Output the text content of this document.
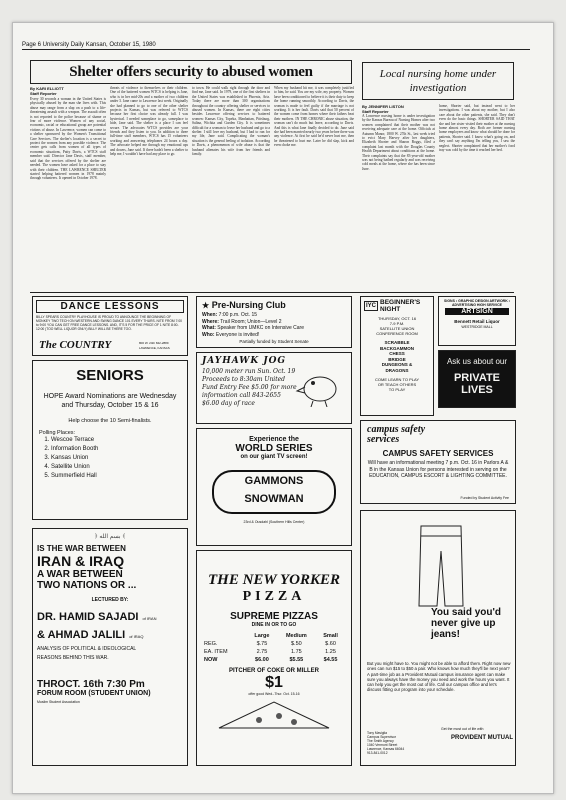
Page 6 University Daily Kansan, October 15, 1980
Shelter offers security to abused women
By KARI ELLIOTT
Staff Reporter
Every 30 seconds a woman in the United States is physically abused by the man she lives with. This abuse may range from a slap on a push to a life-threatening assault with a weapon. The assault often is not reported to the police because of shame or fear of more violence. Women of any social, economic, racial or educational group are potential victims of abuse. In Lawrence, women can come to a shelter sponsored by the Women's Transitional Care Services. The shelter's location is a secret to protect the women from any possible violence. The center gets calls from women of all types of economic situations, Patty Davis, a WTCS staff member said. Director Jane Davis, staff member, said that the services offered by the shelter are needed. The women have asked for a place to stay with their children. THE LAWRENCE SHELTER started helping battered women in 1978 mainly through volunteers. It opened in October 1978.
threats of violence to themselves or their children. One of the battered women WTCS is helping is Jane, who is in her mid-20s and a mother of two children under 3. Jane came to Lawrence last week. Originally she had planned to go to one of the other shelter projects in Kansas, but was referred to WTCS because her first choice was already full. I was hysterical. I needed someplace to go, someplace to hide, Jane said. The shelter is a place I can feel secure. The advocates WTCS provides are your friends and they listen to you. In addition to three full-time staff members, WTCS has 15 volunteers working and answering telephones 24 hours a day. The advocate helped me through my emotional ups and downs, Jane said. If there hadn't been a shelter to help me, I wouldn't have had any place to go.
to town. He could walk right through the door and find me, Jane said. In 1979, one of the first shelters in the United States was established in Phoenix, Ariz. Today there are more than 300 organizations throughout the country offering shelter or services to abused women. In Kansas, there are eight cities besides Lawrence offering services to battered women: Kansas City, Topeka, Manhattan, Pittsburg, Salina, Wichita and Garden City. It is sometimes difficult for a woman to leave her husband and go to a shelter. I still love my husband, but I had to run for my life, Jane said. Complicating the woman's situation is the general feeling of isolation. According to Davis, a phenomenon of wife abuse is that the husband alienates his wife from her friends and family.
When my husband hit me, it was completely justified to him, he said. You are my wife, my property. Women have been conditioned to believe it is their duty to keep the home running smoothly. According to Davis, the woman is made to feel guilty if the marriage is not working. It is her fault. Davis said that 50 percent of the women come from homes where their fathers beat their mothers. IN THE CHRONIC abuse situation, the woman can't do much but leave, according to Davis. And this is what Jane finally decided to do. Jane said she had been married nearly two years before there was any violence. At first he said he'd never hurt me, then he threatened to hurt me. Later he did slap, kick and even choke me.
Local nursing home under investigation
By JENNIFER LISTON
Staff Reporter
A Lawrence nursing home is under investigation by the Kansas Bureau of Nursing Homes after two women complained that their mother was not receiving adequate care at the home. Officials at Autumn Manor, 1800 W. 27th St., last week tried to evict Mary Harvey after her daughters, Elizabeth Shorter and Sharon Boggs, filed a complaint last month with the Douglas County Health Department about conditions at the home. Their complaints say that the 83-year-old mother was not being bathed regularly and was receiving cold meals at the home, where she has been since June.
home, Shorter said, but instead went to her investigations. I was about my mother, but I also care about the other patients, she said. They don't even do the basic things. SHORTER SAID THAT she and her sister visited their mother at the nursing home almost every day. Both are former nursing home employees and know what should be done for patients, Shorter said. I know what's going on, and they can't say anything I'm telling you, I saw the neglect. Shorter complained that her mother's food tray was cold by the time it reached her bed.
DANCE LESSONS
BILLY SPEARS COUNTRY PLAYHOUSE IS PROUD TO ANNOUNCE THE BEGINNING OF MONKEY TWO TECH ON WESTERN AND SWING DANCE 101 EVERY THURS. NITE FROM 7:00 to 9:00 YOU CAN GET FREE DANCE LESSONS. AND, IT'S 5 FOR THE PRICE OF 1 NITE 8:00-12:00 (TOO WELL LIQUOR ONLY) BILLY WILL BE THERE TOO.
The COUNTRY	800 W. 24th 842-2889 LAWRENCE, KANSAS
SENIORS
HOPE Award Nominations are Wednesday and Thursday, October 15 & 16
Help choose the 10 Semi-finalists.
Polling Places:
1. Wescoe Terrace
2. Information Booth
3. Kansas Union
4. Satellite Union
5. Summerfield Hall
﴿ بسم الله ﴾
IS THE WAR BETWEEN
IRAN & IRAQ
A WAR BETWEEN
TWO NATIONS OR ...
LECTURED BY:
DR. HAMID SAJADI of IRAN
& AHMAD JALILI of IRAQ
ANALYSIS OF POLITICAL & IDEOLOGICAL
REASONS BEHIND THIS WAR.
THROCT. 16th 7:30 Pm
FORUM ROOM (STUDENT UNION)
Muslim Student Association
★ Pre-Nursing Club
When: 7:00 p.m. Oct. 15
Where: Trail Room; Union—Level 2
What: Speaker from UMKC on Intensive Care
Who: Everyone is invited!
Partially funded by Student Senate
JAYHAWK JOG
10,000 meter run Sun. Oct. 19 Proceeds to 8:30am United Fund Entry Fee $5.00 for more information call 843-2655 $6.00 day of race
Experience the
WORLD SERIES
on our giant TV screen!
GAMMONS SNOWMAN
23rd & Ousdahl (Southern Hills Center)
THE NEW YORKER
PIZZA
SUPREME PIZZAS
DINE IN OR TO GO
	Large	Medium	Small
REG.	$.75	$.50	$.60
EA. ITEM	2.75	1.75	1.25
NOW	$6.00	$5.55	$4.55
PITCHER OF COKE OR MILLER
$1
offer good Wed.-Thur. Oct. 15-16
IYC BEGINNER'S NIGHT
THURSDAY, OCT. 16
7-9 P.M.
SATELLITE UNION
CONFERENCE ROOM
SCRABBLE
BACKGAMMON
CHESS
BRIDGE
DUNGEONS &
DRAGONS
COME LEARN TO PLAY
OR TEACH OTHERS
TO PLAY
SIGNS • GRAPHIC DESIGN ARTWORK • ADVERTISING HIGH SERVICE
ARTSIGN
Bennett Retail Liquor
WESTRIDGE MALL
Ask us about our
PRIVATE LIVES
campus safety services
CAMPUS SAFETY SERVICES
Will have an informational meeting 7 p.m. Oct. 16 in Parlors A & B in the Kansas Union for persons interested in serving on the EDUCATION, CAMPUS ESCORT & LIGHTING COMMITTEE.
Funded by Student Activity Fee
You said you'd never give up jeans!
But you might have to. You might not be able to afford them. Right now new ones can run $15 to $50 a pair. Who knows how much they'll be next year? A part-time job as a Provident Mutual campus insurance agent can make sure you always have the money you need and work the hours you want. It can help you get the most out of life. Call our campus office and let's discuss fitting our program into your schedule.
Tony Maviglia
Campus Supervisor
The Smith Agency
1040 Vermont Street
Lawrence, Kansas 66044
913-841-0012
Get the most out of life with
PROVIDENT MUTUAL
